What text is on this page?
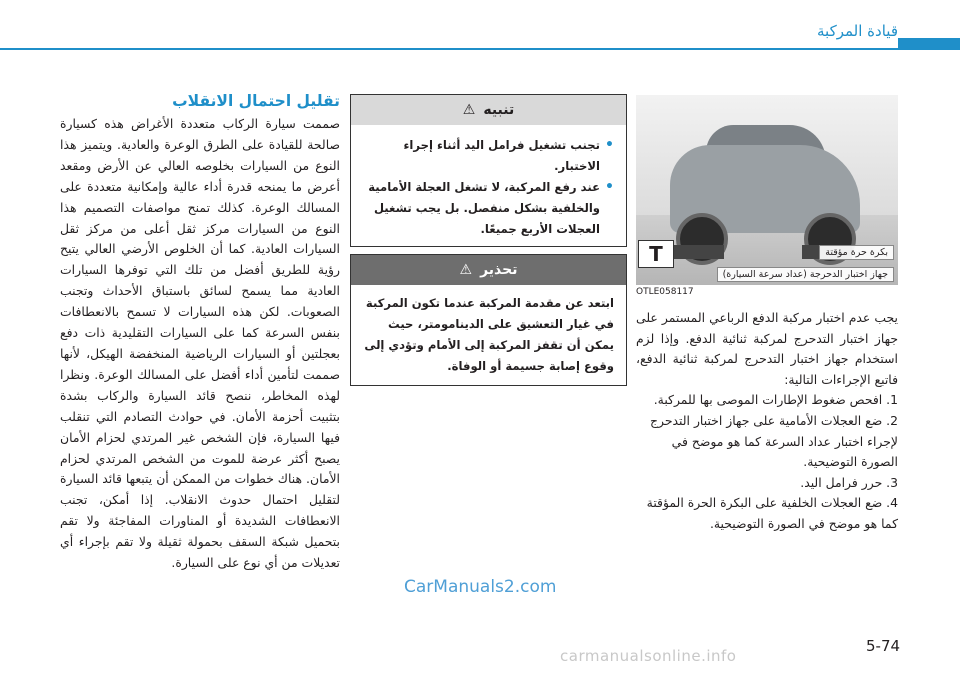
قيادة المركبة
تقليل احتمال الانقلاب

صممت سيارة الركاب متعددة الأغراض هذه كسيارة صالحة للقيادة على الطرق الوعرة والعادية. ويتميز هذا النوع من السيارات بخلوصه العالي عن الأرض ومقعد أعرض ما يمنحه قدرة أداء عالية وإمكانية متعددة على المسالك الوعرة. كذلك تمنح مواصفات التصميم هذا النوع من السيارات مركز ثقل أعلى من مركز ثقل السيارات العادية. كما أن الخلوص الأرضي العالي يتيح رؤية للطريق أفضل من تلك التي توفرها السيارات العادية مما يسمح لسائق باستباق الأحداث وتجنب الصعوبات. لكن هذه السيارات لا تسمح بالانعطافات بنفس السرعة كما على السيارات التقليدية ذات دفع بعجلتين أو السيارات الرياضية المنخفضة الهيكل، لأنها صممت لتأمين أداء أفضل على المسالك الوعرة. ونظرا لهذه المخاطر، ننصح قائد السيارة والركاب بشدة بتثبيت أحزمة الأمان. في حوادث التصادم التي تنقلب فيها السيارة، فإن الشخص غير المرتدي لحزام الأمان يصبح أكثر عرضة للموت من الشخص المرتدي لحزام الأمان. هناك خطوات من الممكن أن يتبعها قائد السيارة لتقليل احتمال حدوث الانقلاب. إذا أمكن، تجنب الانعطافات الشديدة أو المناورات المفاجئة ولا تقم بتحميل شبكة السقف بحمولة ثقيلة ولا تقم بإجراء أي تعديلات من أي نوع على السيارة.

تنبيه
⚠
• تجنب تشغيل فرامل اليد أثناء إجراء الاختبار.
• عند رفع المركبة، لا تشغل العجلة الأمامية والخلفية بشكل منفصل. بل يجب تشغيل العجلات الأربع جميعًا.
تحذير
⚠

ابتعد عن مقدمة المركبة عندما تكون المركبة في غيار التعشيق على الدينامومتر، حيث يمكن أن تقفز المركبة إلى الأمام وتؤدي إلى وقوع إصابة جسيمة أو الوفاة.

T
جهاز اختبار الدحرجة (عداد سرعة السيارة)
بكرة حرة مؤقتة
OTLE058117

يجب عدم اختبار مركبة الدفع الرباعي المستمر على جهاز اختبار التدحرج لمركبة ثنائية الدفع. وإذا لزم استخدام جهاز اختبار التدحرج لمركبة ثنائية الدفع، فاتبع الإجراءات التالية:

1. افحص ضغوط الإطارات الموصى بها للمركبة.
2. ضع العجلات الأمامية على جهاز اختبار التدحرج لإجراء اختبار عداد السرعة كما هو موضح في الصورة التوضيحية.
3. حرر فرامل اليد.
4. ضع العجلات الخلفية على البكرة الحرة المؤقتة كما هو موضح في الصورة التوضيحية.
CarManuals2.com
5-74
carmanualsonline.info
